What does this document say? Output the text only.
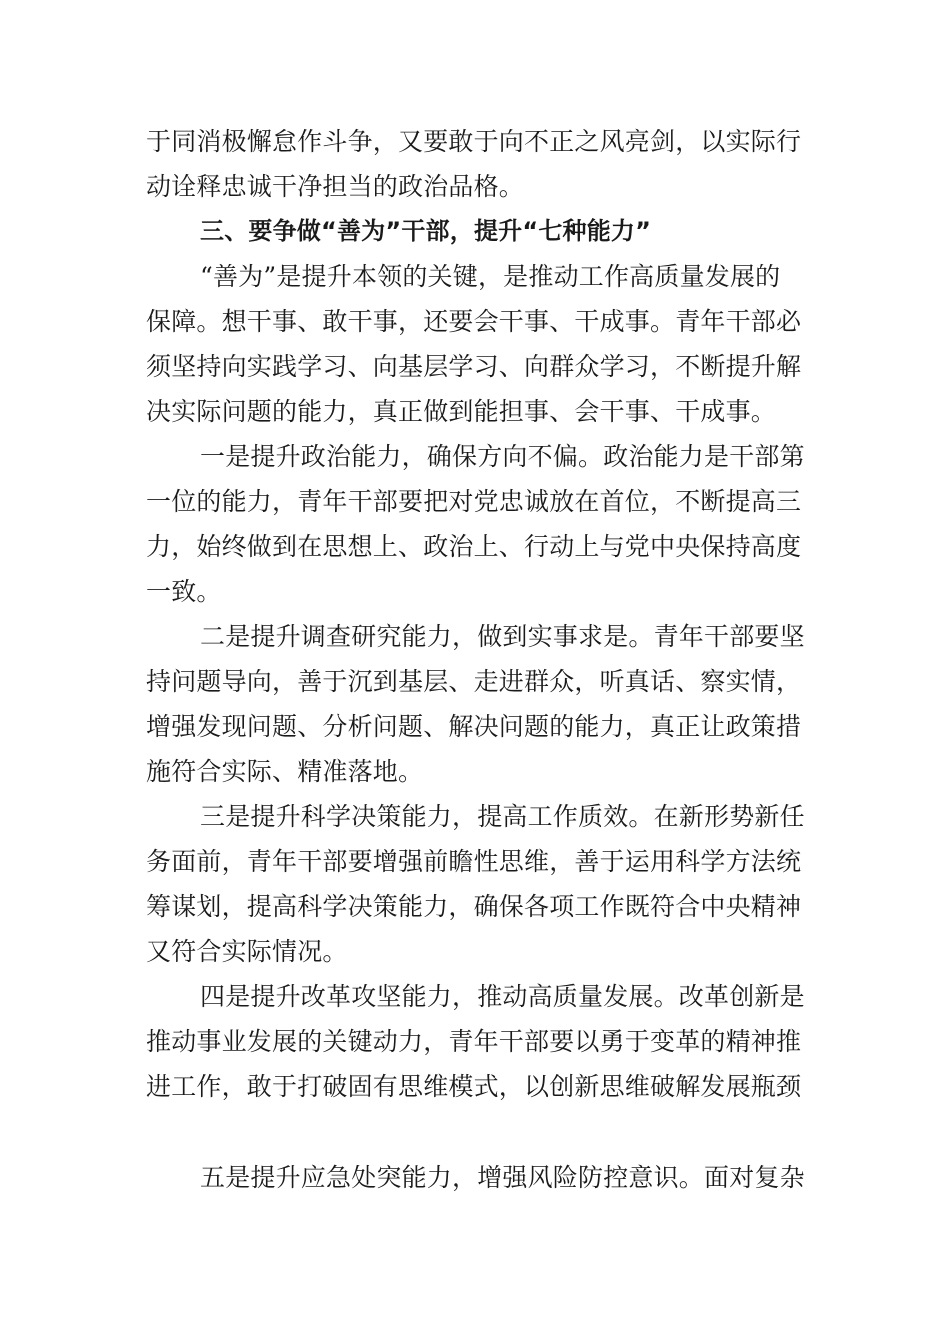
于同消极懈怠作斗争，又要敢于向不正之风亮剑，以实际行
动诠释忠诚干净担当的政治品格。
三、要争做“善为”干部，提升“七种能力”
“善为”是提升本领的关键，是推动工作高质量发展的
保障。想干事、敢干事，还要会干事、干成事。青年干部必
须坚持向实践学习、向基层学习、向群众学习，不断提升解
决实际问题的能力，真正做到能担事、会干事、干成事。
一是提升政治能力，确保方向不偏。政治能力是干部第
一位的能力，青年干部要把对党忠诚放在首位，不断提高三
力，始终做到在思想上、政治上、行动上与党中央保持高度
一致。
二是提升调查研究能力，做到实事求是。青年干部要坚
持问题导向，善于沉到基层、走进群众，听真话、察实情，
增强发现问题、分析问题、解决问题的能力，真正让政策措
施符合实际、精准落地。
三是提升科学决策能力，提高工作质效。在新形势新任
务面前，青年干部要增强前瞻性思维，善于运用科学方法统
筹谋划，提高科学决策能力，确保各项工作既符合中央精神
又符合实际情况。
四是提升改革攻坚能力，推动高质量发展。改革创新是
推动事业发展的关键动力，青年干部要以勇于变革的精神推
进工作，敢于打破固有思维模式，以创新思维破解发展瓶颈
五是提升应急处突能力，增强风险防控意识。面对复杂
